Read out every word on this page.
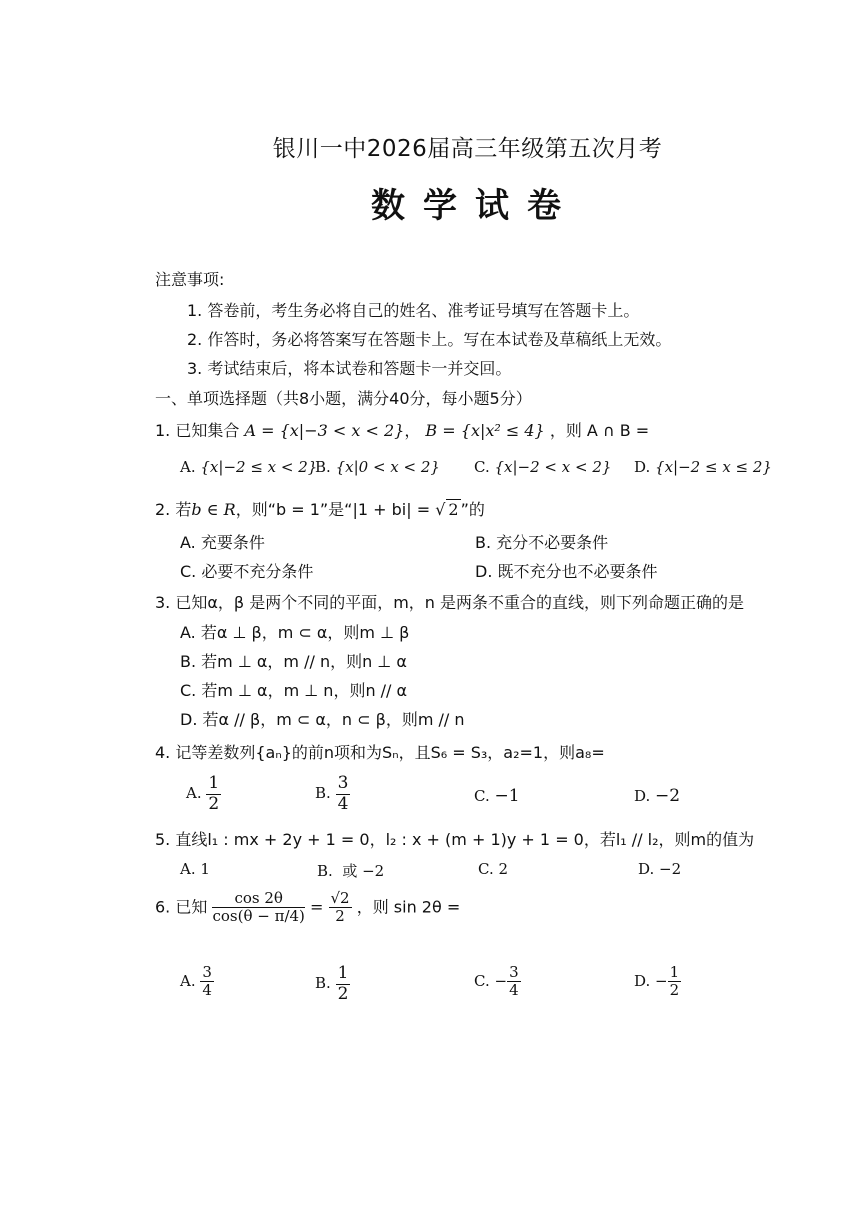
银川一中2026届高三年级第五次月考
数学试卷
注意事项:
1. 答卷前，考生务必将自己的姓名、准考证号填写在答题卡上。
2. 作答时，务必将答案写在答题卡上。写在本试卷及草稿纸上无效。
3. 考试结束后，将本试卷和答题卡一并交回。
一、单项选择题（共8小题，满分40分，每小题5分）
1. 已知集合 A = {x|−3 < x < 2}， B = {x|x² ≤ 4} ，则 A ∩ B =
A. {x|−2 ≤ x < 2}
B. {x|0 < x < 2} C. {x|−2 < x < 2} D. {x|−2 ≤ x ≤ 2}
2. 若b ∈ R，则“b = 1”是“|1 + bi| = √ 2 ”的
A. 充要条件	B. 充分不必要条件
C. 必要不充分条件	D. 既不充分也不必要条件
3. 已知α，β 是两个不同的平面，m，n 是两条不重合的直线，则下列命题正确的是
A. 若α ⊥ β，m ⊂ α，则m ⊥ β
B. 若m ⊥ α，m // n，则n ⊥ α
C. 若m ⊥ α，m ⊥ n，则n // α
D. 若α // β，m ⊂ α，n ⊂ β，则m // n
4. 记等差数列{aₙ}的前n项和为Sₙ，且S₆ = S₃，a₂=1，则a₈=
A. $\frac{1}{2}$	B. $\frac{3}{4}$	C. −1	D. −2
5. 直线l₁ : mx + 2y + 1 = 0，l₂ : x + (m + 1)y + 1 = 0，若l₁ // l₂，则m的值为
A. 1	B. 或 −2	C. 2	D. −2
6. 已知 $\frac{\cos 2\theta}{\cos(\theta - \pi/4)} = \frac{√2}{2}$ ，则 sin 2θ =
A. $\frac{3}{4}$	B. $\frac{1}{2}$	C. − $\frac{3}{4}$	D. − $\frac{1}{2}$
